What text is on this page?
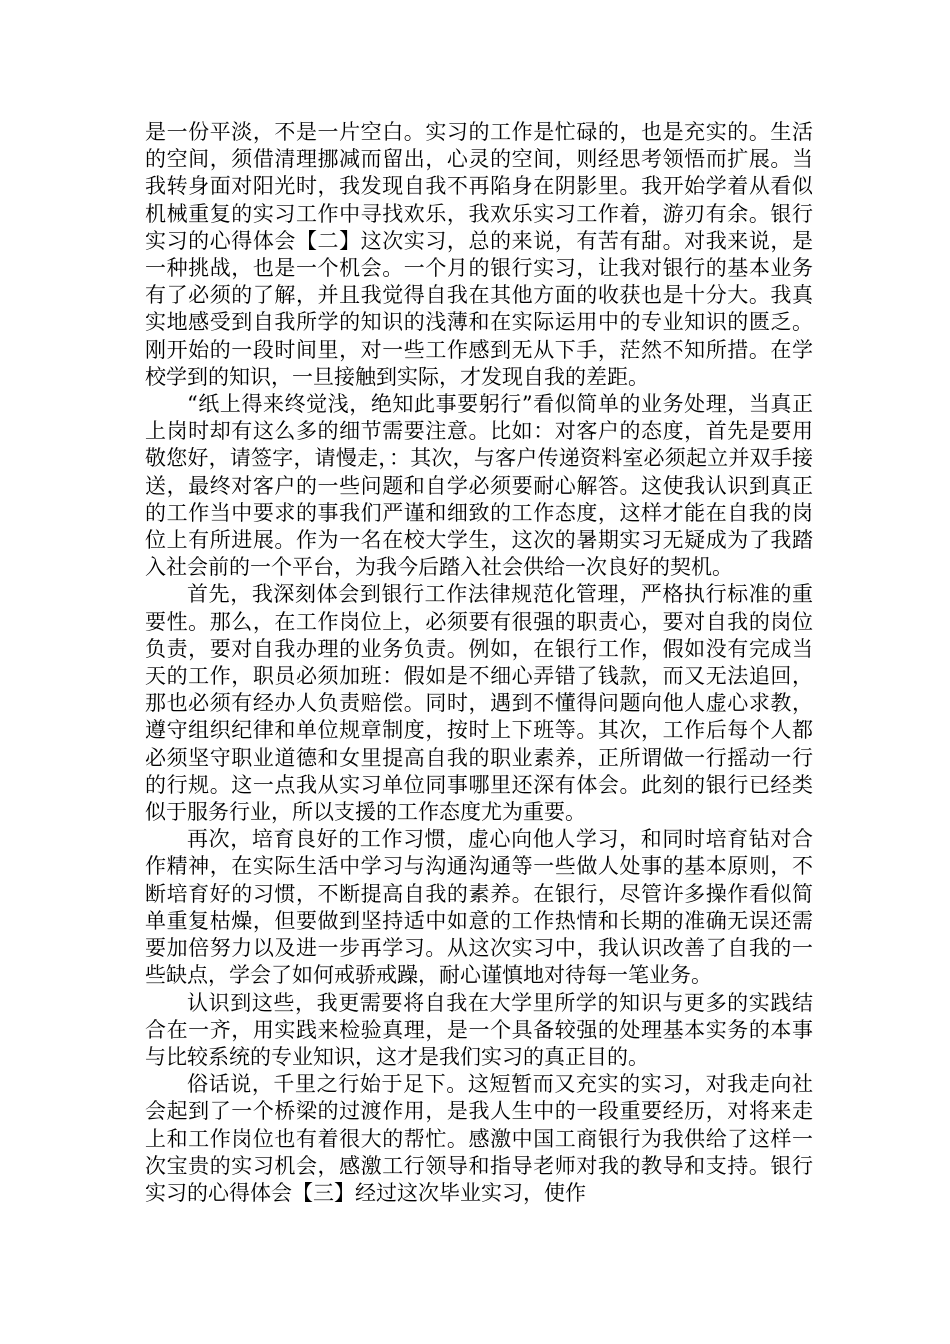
是一份平淡，不是一片空白。实习的工作是忙碌的，也是充实的。生活的空间，须借清理挪减而留出，心灵的空间，则经思考领悟而扩展。当我转身面对阳光时，我发现自我不再陷身在阴影里。我开始学着从看似机械重复的实习工作中寻找欢乐，我欢乐实习工作着，游刃有余。银行实习的心得体会【二】这次实习，总的来说，有苦有甜。对我来说，是一种挑战，也是一个机会。一个月的银行实习，让我对银行的基本业务有了必须的了解，并且我觉得自我在其他方面的收获也是十分大。我真实地感受到自我所学的知识的浅薄和在实际运用中的专业知识的匮乏。刚开始的一段时间里，对一些工作感到无从下手，茫然不知所措。在学校学到的知识，一旦接触到实际，才发现自我的差距。

“纸上得来终觉浅，绝知此事要躬行”看似简单的业务处理，当真正上岗时却有这么多的细节需要注意。比如：对客户的态度，首先是要用敬您好，请签字，请慢走，：其次，与客户传递资料室必须起立并双手接送，最终对客户的一些问题和自学必须要耐心解答。这使我认识到真正的工作当中要求的事我们严谨和细致的工作态度，这样才能在自我的岗位上有所进展。作为一名在校大学生，这次的暑期实习无疑成为了我踏入社会前的一个平台，为我今后踏入社会供给一次良好的契机。

首先，我深刻体会到银行工作法律规范化管理，严格执行标准的重要性。那么，在工作岗位上，必须要有很强的职责心，要对自我的岗位负责，要对自我办理的业务负责。例如，在银行工作，假如没有完成当天的工作，职员必须加班：假如是不细心弄错了钱款，而又无法追回，那也必须有经办人负责赔偿。同时，遇到不懂得问题向他人虚心求教，遵守组织纪律和单位规章制度，按时上下班等。其次，工作后每个人都必须坚守职业道德和女里提高自我的职业素养，正所谓做一行摇动一行的行规。这一点我从实习单位同事哪里还深有体会。此刻的银行已经类似于服务行业，所以支援的工作态度尤为重要。

再次，培育良好的工作习惯，虚心向他人学习，和同时培育钻对合作精神，在实际生活中学习与沟通沟通等一些做人处事的基本原则，不断培育好的习惯，不断提高自我的素养。在银行，尽管许多操作看似简单重复枯燥，但要做到坚持适中如意的工作热情和长期的准确无误还需要加倍努力以及进一步再学习。从这次实习中，我认识改善了自我的一些缺点，学会了如何戒骄戒躁，耐心谨慎地对待每一笔业务。

认识到这些，我更需要将自我在大学里所学的知识与更多的实践结合在一齐，用实践来检验真理，是一个具备较强的处理基本实务的本事与比较系统的专业知识，这才是我们实习的真正目的。

俗话说，千里之行始于足下。这短暂而又充实的实习，对我走向社会起到了一个桥梁的过渡作用，是我人生中的一段重要经历，对将来走上和工作岗位也有着很大的帮忙。感激中国工商银行为我供给了这样一次宝贵的实习机会，感激工行领导和指导老师对我的教导和支持。银行实习的心得体会【三】经过这次毕业实习，使作
